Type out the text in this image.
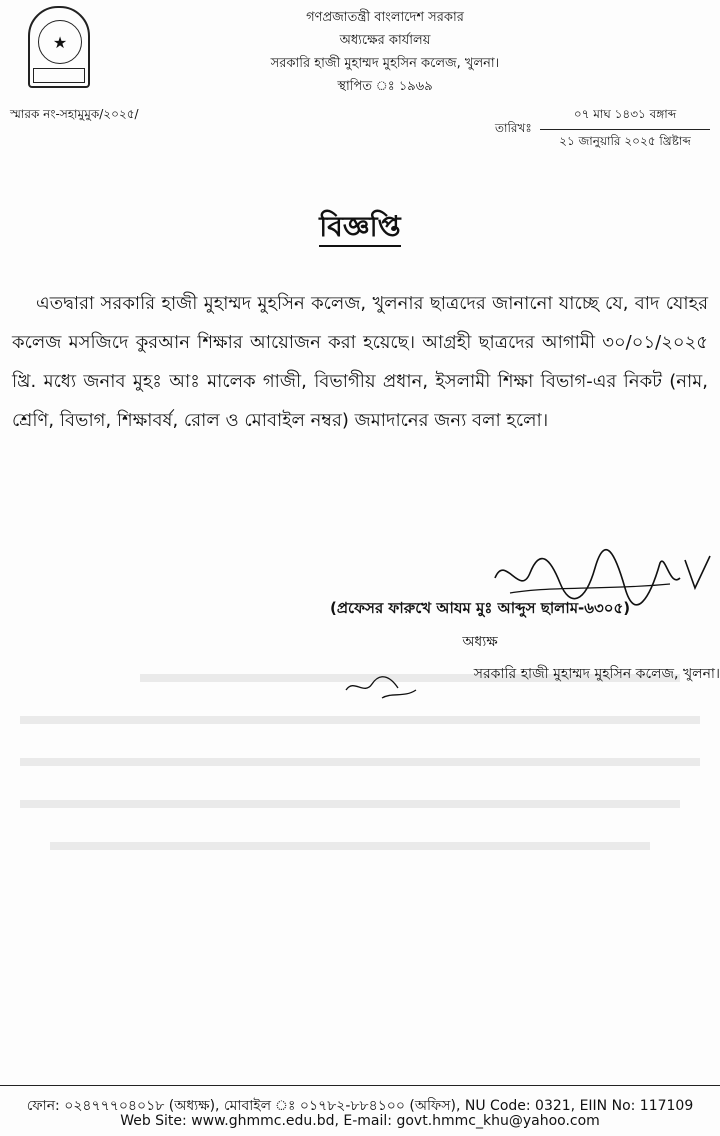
★
গণপ্রজাতন্ত্রী বাংলাদেশ সরকার
অধ্যক্ষের কার্যালয়
সরকারি হাজী মুহাম্মদ মুহসিন কলেজ, খুলনা।
স্থাপিত ঃ ১৯৬৯
স্মারক নং-সহামুমুক/২০২৫/
তারিখঃ
০৭ মাঘ ১৪৩১ বঙ্গাব্দ
২১ জানুয়ারি ২০২৫ খ্রিষ্টাব্দ
বিজ্ঞপ্তি
এতদ্বারা সরকারি হাজী মুহাম্মদ মুহসিন কলেজ, খুলনার ছাত্রদের জানানো যাচ্ছে যে, বাদ যোহর কলেজ মসজিদে কুরআন শিক্ষার আয়োজন করা হয়েছে। আগ্রহী ছাত্রদের আগামী ৩০/০১/২০২৫ খ্রি. মধ্যে জনাব মুহঃ আঃ মালেক গাজী, বিভাগীয় প্রধান, ইসলামী শিক্ষা বিভাগ-এর নিকট (নাম, শ্রেণি, বিভাগ, শিক্ষাবর্ষ, রোল ও মোবাইল নম্বর) জমাদানের জন্য বলা হলো।
(প্রফেসর ফারুখে আযম মুঃ আব্দুস ছালাম-৬৩০৫)
অধ্যক্ষ
সরকারি হাজী মুহাম্মদ মুহসিন কলেজ, খুলনা।
ফোন: ০২৪৭৭৭০৪০১৮ (অধ্যক্ষ), মোবাইল ঃ ০১৭৮২-৮৮৪১০০ (অফিস), NU Code: 0321, EIIN No: 117109
Web Site: www.ghmmc.edu.bd, E-mail: govt.hmmc_khu@yahoo.com
